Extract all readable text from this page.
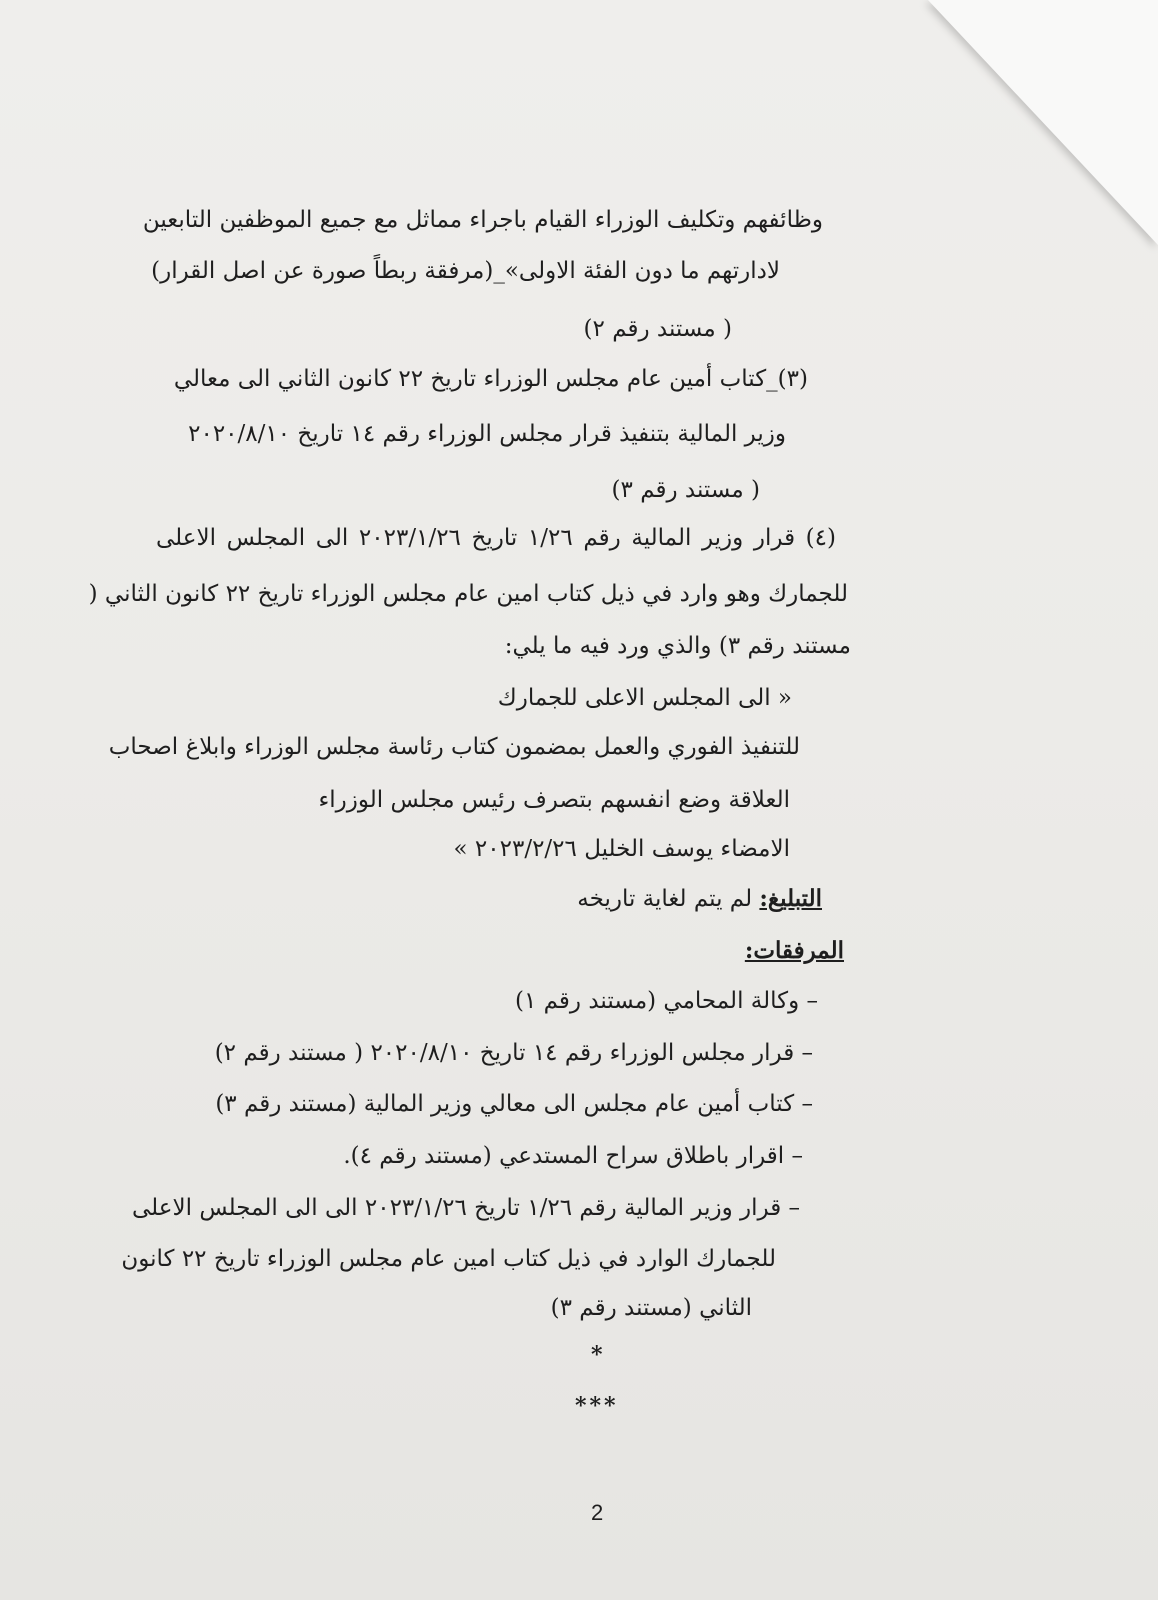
وظائفهم وتكليف الوزراء القيام باجراء مماثل مع جميع الموظفين التابعين
لادارتهم ما دون الفئة الاولى»_(مرفقة ربطاً صورة عن اصل القرار)
( مستند رقم ٢)
(٣)_كتاب أمين عام مجلس الوزراء تاريخ ٢٢ كانون الثاني الى معالي
وزير المالية بتنفيذ قرار مجلس الوزراء رقم ١٤ تاريخ ٢٠٢٠/٨/١٠
( مستند رقم ٣)
(٤) قرار وزير المالية رقم ١/٢٦ تاريخ ٢٠٢٣/١/٢٦ الى المجلس الاعلى
للجمارك وهو وارد في ذيل كتاب امين عام مجلس الوزراء تاريخ ٢٢ كانون الثاني (
مستند رقم ٣) والذي ورد فيه ما يلي:
« الى المجلس الاعلى للجمارك
للتنفيذ الفوري والعمل بمضمون كتاب رئاسة مجلس الوزراء وابلاغ اصحاب
العلاقة وضع انفسهم بتصرف رئيس مجلس الوزراء
الامضاء يوسف الخليل ٢٠٢٣/٢/٢٦ »
التبليغ: لم يتم لغاية تاريخه
المرفقات:
– وكالة المحامي (مستند رقم ١)
– قرار مجلس الوزراء رقم ١٤ تاريخ ٢٠٢٠/٨/١٠ ( مستند رقم ٢)
– كتاب أمين عام مجلس الى معالي وزير المالية (مستند رقم ٣)
– اقرار باطلاق سراح المستدعي (مستند رقم ٤).
– قرار وزير المالية رقم ١/٢٦ تاريخ ٢٠٢٣/١/٢٦ الى الى المجلس الاعلى
للجمارك الوارد في ذيل كتاب امين عام مجلس الوزراء تاريخ ٢٢ كانون
الثاني (مستند رقم ٣)
*
***
2
